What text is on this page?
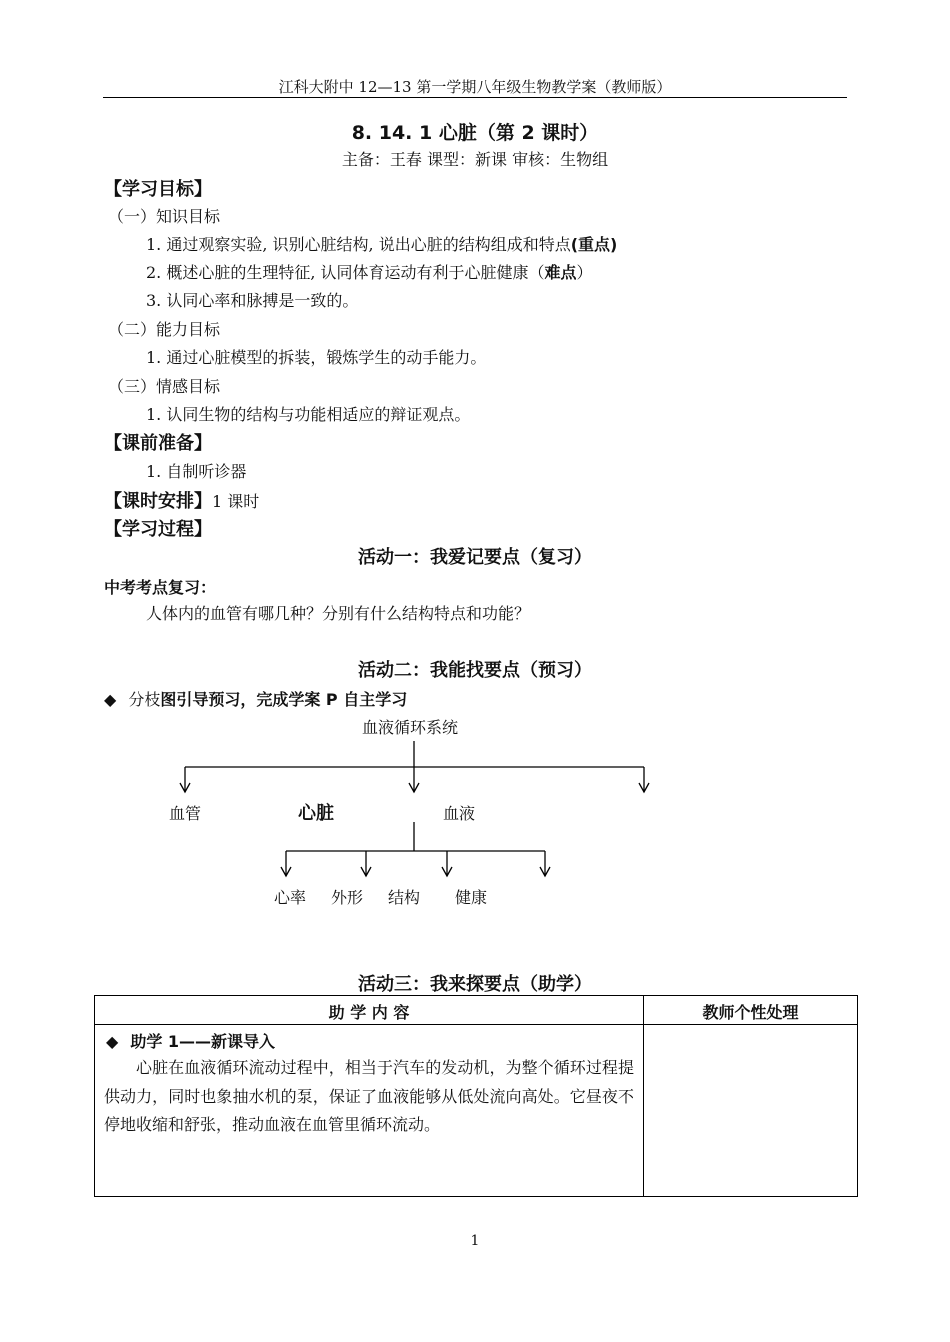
江科大附中 12—13 第一学期八年级生物教学案（教师版）
8. 14. 1 心脏（第 2 课时）
主备：王春 课型：新课 审核：生物组
【学习目标】
（一）知识目标
1. 通过观察实验, 识别心脏结构, 说出心脏的结构组成和特点(重点)
2. 概述心脏的生理特征, 认同体育运动有利于心脏健康（难点）
3. 认同心率和脉搏是一致的。
（二）能力目标
1. 通过心脏模型的拆装，锻炼学生的动手能力。
（三）情感目标
1. 认同生物的结构与功能相适应的辩证观点。
【课前准备】
1. 自制听诊器
【课时安排】1 课时
【学习过程】
活动一：我爱记要点（复习）
中考考点复习：
人体内的血管有哪几种？分别有什么结构特点和功能？
活动二：我能找要点（预习）
◆ 分枝图引导预习，完成学案 P 自主学习
血液循环系统
血管	心脏	血液
心率 外形 结构 健康
活动三：我来探要点（助学）
助 学 内 容	教师个性处理
◆ 助学 1——新课导入
心脏在血液循环流动过程中，相当于汽车的发动机，为整个循环过程提供动力，同时也象抽水机的泵，保证了血液能够从低处流向高处。它昼夜不停地收缩和舒张，推动血液在血管里循环流动。
1
